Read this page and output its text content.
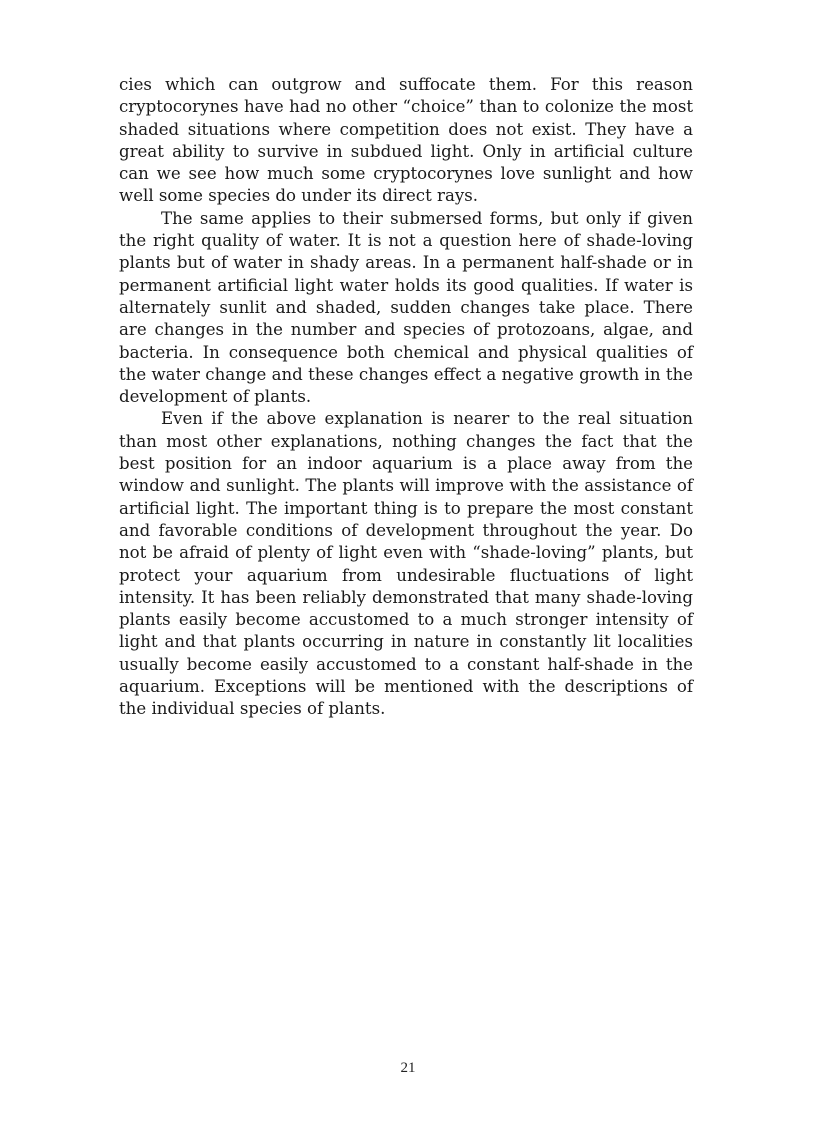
cies which can outgrow and suffocate them. For this reason cryptocorynes have had no other “choice” than to colonize the most shaded situations where competition does not exist. They have a great ability to survive in subdued light. Only in artificial culture can we see how much some cryptocorynes love sunlight and how well some species do under its direct rays.

The same applies to their submersed forms, but only if given the right quality of water. It is not a question here of shade-loving plants but of water in shady areas. In a permanent half-shade or in permanent artificial light water holds its good qualities. If water is alternately sunlit and shaded, sudden changes take place. There are changes in the number and species of protozoans, algae, and bacteria. In consequence both chemical and physical qualities of the water change and these changes effect a negative growth in the development of plants.

Even if the above explanation is nearer to the real situation than most other explanations, nothing changes the fact that the best position for an indoor aquarium is a place away from the window and sunlight. The plants will improve with the assistance of artificial light. The important thing is to prepare the most constant and favorable conditions of development throughout the year. Do not be afraid of plenty of light even with “shade-loving” plants, but protect your aquarium from undesirable fluctuations of light intensity. It has been reliably demonstrated that many shade-loving plants easily become accustomed to a much stronger intensity of light and that plants occurring in nature in constantly lit localities usually become easily accustomed to a constant half-shade in the aquarium. Exceptions will be mentioned with the descriptions of the individual species of plants.

21
